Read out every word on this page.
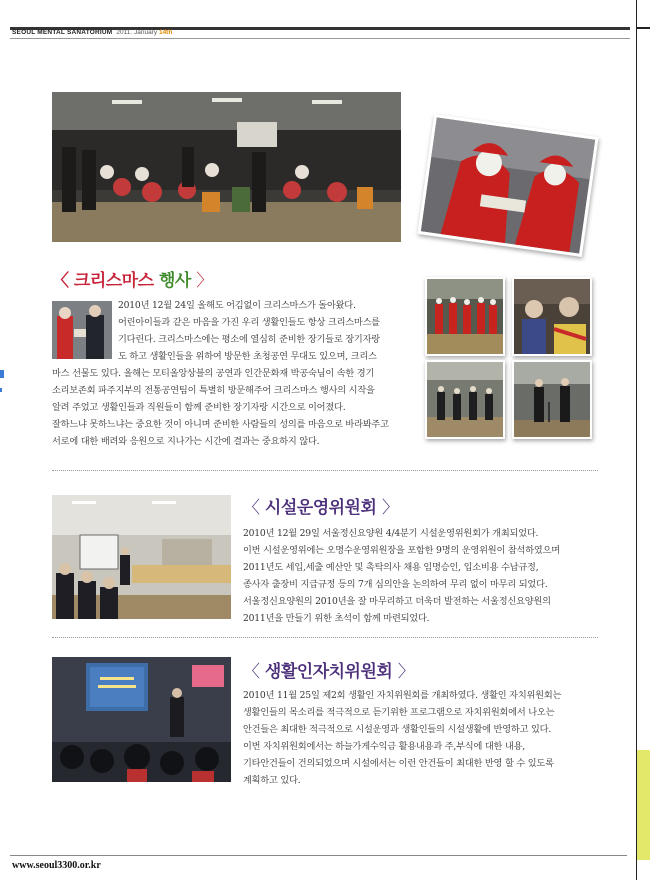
SEOUL MENTAL SANATORIUM 2011. January 14th
〈 크리스마스 행사 〉
2010년 12월 24일 올해도 어김없이 크리스마스가 돌아왔다.
어린아이들과 같은 마음을 가진 우리 생활인들도 항상 크리스마스를
기다린다. 크리스마스에는 평소에 열심히 준비한 장기들로 장기자랑
도 하고 생활인들을 위하여 방문한 초청공연 무대도 있으며, 크리스
마스 선물도 있다. 올해는 모티올앙상블의 공연과 인간문화재 박공숙님이 속한 경기
소리보존회 파주지부의 전통공연팀이 특별히 방문해주어 크리스마스 행사의 시작을
알려 주었고 생활인들과 직원들이 함께 준비한 장기자랑 시간으로 이어졌다.
잘하느냐 못하느냐는 중요한 것이 아니며 준비한 사람들의 성의를 마음으로 바라봐주고
서로에 대한 배려와 응원으로 지나가는 시간에 결과는 중요하지 않다.
〈 시설운영위원회 〉
2010년 12월 29일 서울정신요양원 4/4분기 시설운영위원회가 개최되었다.
이번 시설운영위에는 오명수운영위원장을 포함한 9명의 운영위원이 참석하였으며
2011년도 세입,세출 예산안 및 촉탁의사 채용 임명승인, 입소비용 수납규정,
종사자 출장비 지급규정 등의 7개 심의안을 논의하여 무리 없이 마무리 되었다.
서울정신요양원의 2010년을 잘 마무리하고 더욱더 발전하는 서울정신요양원의
2011년을 만들기 위한 초석이 함께 마련되었다.
〈 생활인자치위원회 〉
2010년 11월 25일 제2회 생활인 자치위원회를 개최하였다. 생활인 자치위원회는
생활인들의 목소리를 적극적으로 듣기위한 프로그램으로 자치위원회에서 나오는
안건들은 최대한 적극적으로 시설운영과 생활인들의 시설생활에 반영하고 있다.
이번 자치위원회에서는 하늘가게수익금 활용내용과 주,부식에 대한 내용,
기타안건들이 건의되었으며 시설에서는 이런 안건들이 최대한 반영 할 수 있도록
계획하고 있다.
www.seoul3300.or.kr
